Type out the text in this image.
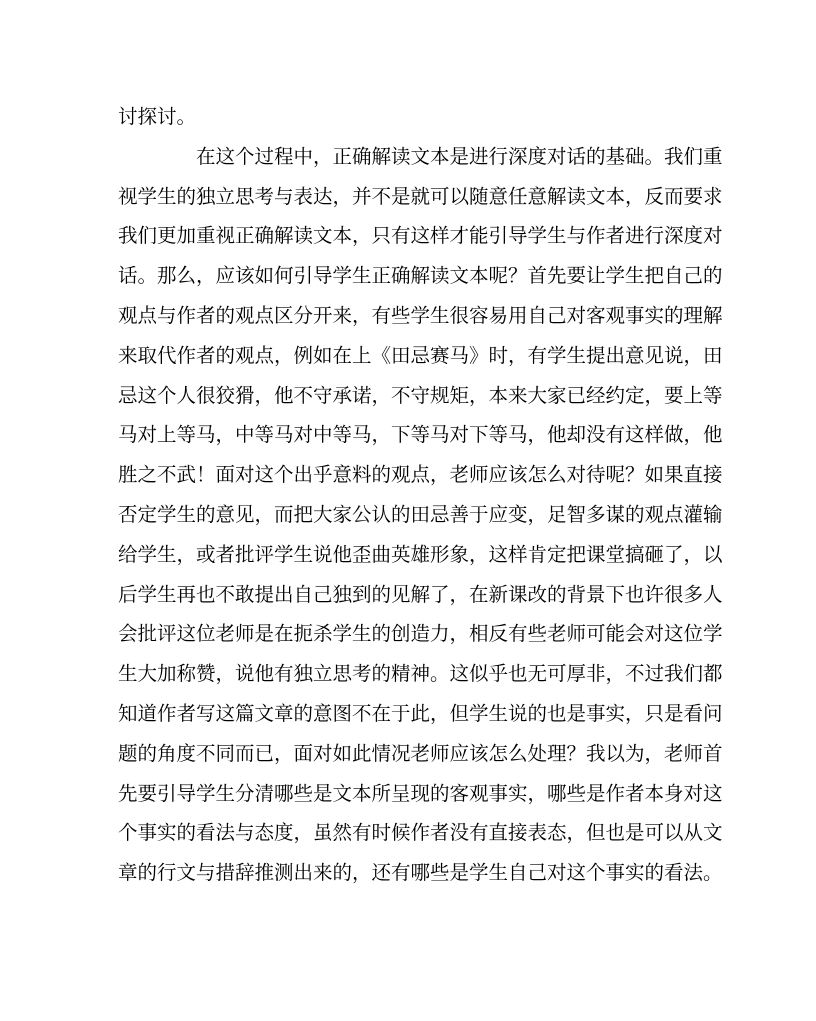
讨探讨。
在这个过程中，正确解读文本是进行深度对话的基础。我们重
视学生的独立思考与表达，并不是就可以随意任意解读文本，反而要求
我们更加重视正确解读文本，只有这样才能引导学生与作者进行深度对
话。那么，应该如何引导学生正确解读文本呢？首先要让学生把自己的
观点与作者的观点区分开来，有些学生很容易用自己对客观事实的理解
来取代作者的观点，例如在上《田忌赛马》时，有学生提出意见说，田
忌这个人很狡猾，他不守承诺，不守规矩，本来大家已经约定，要上等
马对上等马，中等马对中等马，下等马对下等马，他却没有这样做，他
胜之不武！面对这个出乎意料的观点，老师应该怎么对待呢？如果直接
否定学生的意见，而把大家公认的田忌善于应变，足智多谋的观点灌输
给学生，或者批评学生说他歪曲英雄形象，这样肯定把课堂搞砸了，以
后学生再也不敢提出自己独到的见解了，在新课改的背景下也许很多人
会批评这位老师是在扼杀学生的创造力，相反有些老师可能会对这位学
生大加称赞，说他有独立思考的精神。这似乎也无可厚非，不过我们都
知道作者写这篇文章的意图不在于此，但学生说的也是事实，只是看问
题的角度不同而已，面对如此情况老师应该怎么处理？我以为，老师首
先要引导学生分清哪些是文本所呈现的客观事实，哪些是作者本身对这
个事实的看法与态度，虽然有时候作者没有直接表态，但也是可以从文
章的行文与措辞推测出来的，还有哪些是学生自己对这个事实的看法。
